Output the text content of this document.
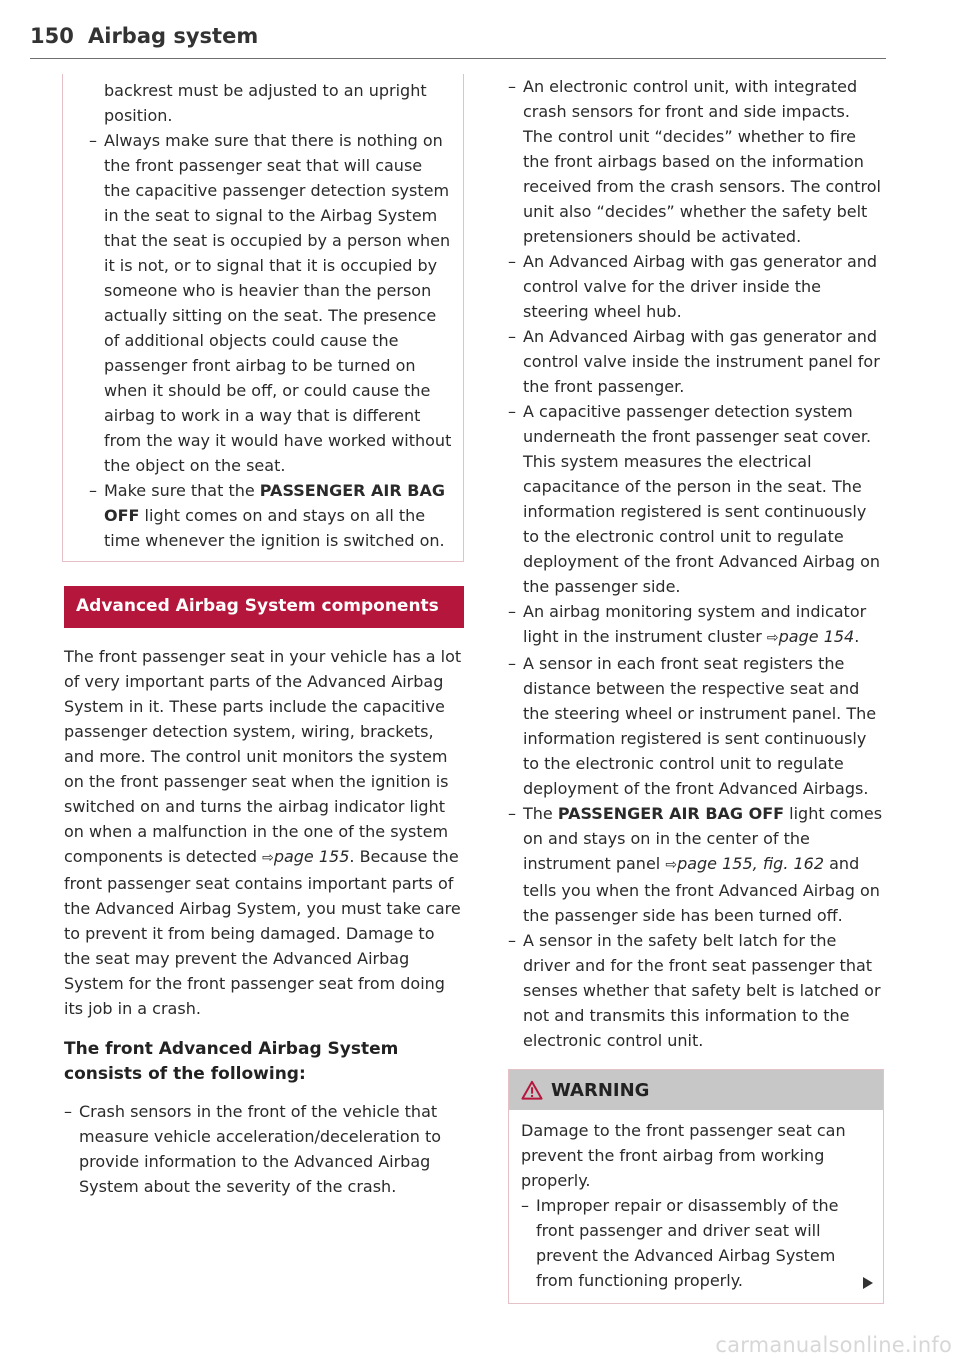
150 Airbag system

backrest must be adjusted to an upright position.

– Always make sure that there is nothing on the front passenger seat that will cause the capacitive passenger detection system in the seat to signal to the Airbag System that the seat is occupied by a person when it is not, or to signal that it is occupied by someone who is heavier than the person actually sitting on the seat. The presence of additional objects could cause the passenger front airbag to be turned on when it should be off, or could cause the airbag to work in a way that is different from the way it would have worked without the object on the seat.
– Make sure that the PASSENGER AIR BAG OFF light comes on and stays on all the time whenever the ignition is switched on.
Advanced Airbag System components

The front passenger seat in your vehicle has a lot of very important parts of the Advanced Airbag System in it. These parts include the capacitive passenger detection system, wiring, brackets, and more. The control unit monitors the system on the front passenger seat when the ignition is switched on and turns the airbag indicator light on when a malfunction in the one of the system components is detected ⇨page 155. Because the front passenger seat contains important parts of the Advanced Airbag System, you must take care to prevent it from being damaged. Damage to the seat may prevent the Advanced Airbag System for the front passenger seat from doing its job in a crash.

The front Advanced Airbag System consists of the following:
– Crash sensors in the front of the vehicle that measure vehicle acceleration/deceleration to provide information to the Advanced Airbag System about the severity of the crash.
– An electronic control unit, with integrated crash sensors for front and side impacts. The control unit “decides” whether to fire the front airbags based on the information received from the crash sensors. The control unit also “decides” whether the safety belt pretensioners should be activated.
– An Advanced Airbag with gas generator and control valve for the driver inside the steering wheel hub.
– An Advanced Airbag with gas generator and control valve inside the instrument panel for the front passenger.
– A capacitive passenger detection system underneath the front passenger seat cover. This system measures the electrical capacitance of the person in the seat. The information registered is sent continuously to the electronic control unit to regulate deployment of the front Advanced Airbag on the passenger side.
– An airbag monitoring system and indicator light in the instrument cluster ⇨page 154.
– A sensor in each front seat registers the distance between the respective seat and the steering wheel or instrument panel. The information registered is sent continuously to the electronic control unit to regulate deployment of the front Advanced Airbags.
– The PASSENGER AIR BAG OFF light comes on and stays on in the center of the instrument panel ⇨page 155, fig. 162 and tells you when the front Advanced Airbag on the passenger side has been turned off.
– A sensor in the safety belt latch for the driver and for the front seat passenger that senses whether that safety belt is latched or not and transmits this information to the electronic control unit.
WARNING

Damage to the front passenger seat can prevent the front airbag from working properly.

– Improper repair or disassembly of the front passenger and driver seat will prevent the Advanced Airbag System from functioning properly.
carmanualsonline.info
